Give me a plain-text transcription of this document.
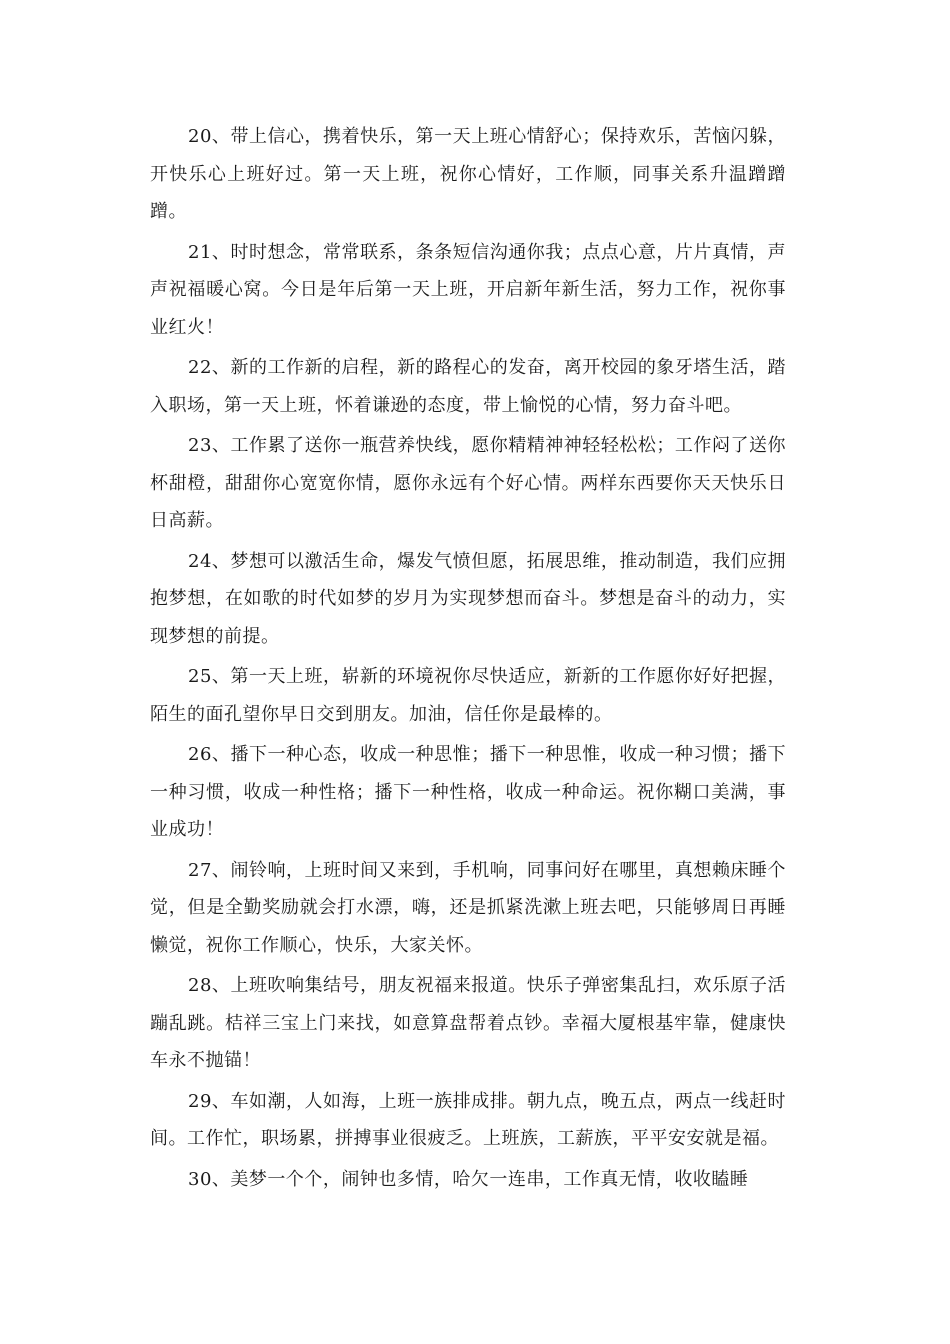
20、带上信心，携着快乐，第一天上班心情舒心；保持欢乐，苦恼闪躲，开快乐心上班好过。第一天上班，祝你心情好，工作顺，同事关系升温蹭蹭蹭。

21、时时想念，常常联系，条条短信沟通你我；点点心意，片片真情，声声祝福暖心窝。今日是年后第一天上班，开启新年新生活，努力工作，祝你事业红火！

22、新的工作新的启程，新的路程心的发奋，离开校园的象牙塔生活，踏入职场，第一天上班，怀着谦逊的态度，带上愉悦的心情，努力奋斗吧。

23、工作累了送你一瓶营养快线，愿你精精神神轻轻松松；工作闷了送你杯甜橙，甜甜你心宽宽你情，愿你永远有个好心情。两样东西要你天天快乐日日高薪。

24、梦想可以激活生命，爆发气愤但愿，拓展思维，推动制造，我们应拥抱梦想，在如歌的时代如梦的岁月为实现梦想而奋斗。梦想是奋斗的动力，实现梦想的前提。

25、第一天上班，崭新的环境祝你尽快适应，新新的工作愿你好好把握，陌生的面孔望你早日交到朋友。加油，信任你是最棒的。

26、播下一种心态，收成一种思惟；播下一种思惟，收成一种习惯；播下一种习惯，收成一种性格；播下一种性格，收成一种命运。祝你糊口美满，事业成功！

27、闹铃响，上班时间又来到，手机响，同事问好在哪里，真想赖床睡个觉，但是全勤奖励就会打水漂，嗨，还是抓紧洗漱上班去吧，只能够周日再睡懒觉，祝你工作顺心，快乐，大家关怀。

28、上班吹响集结号，朋友祝福来报道。快乐子弹密集乱扫，欢乐原子活蹦乱跳。桔祥三宝上门来找，如意算盘帮着点钞。幸福大厦根基牢靠，健康快车永不抛锚！

29、车如潮，人如海，上班一族排成排。朝九点，晚五点，两点一线赶时间。工作忙，职场累，拼搏事业很疲乏。上班族，工薪族，平平安安就是福。

30、美梦一个个，闹钟也多情，哈欠一连串，工作真无情，收收瞌睡
